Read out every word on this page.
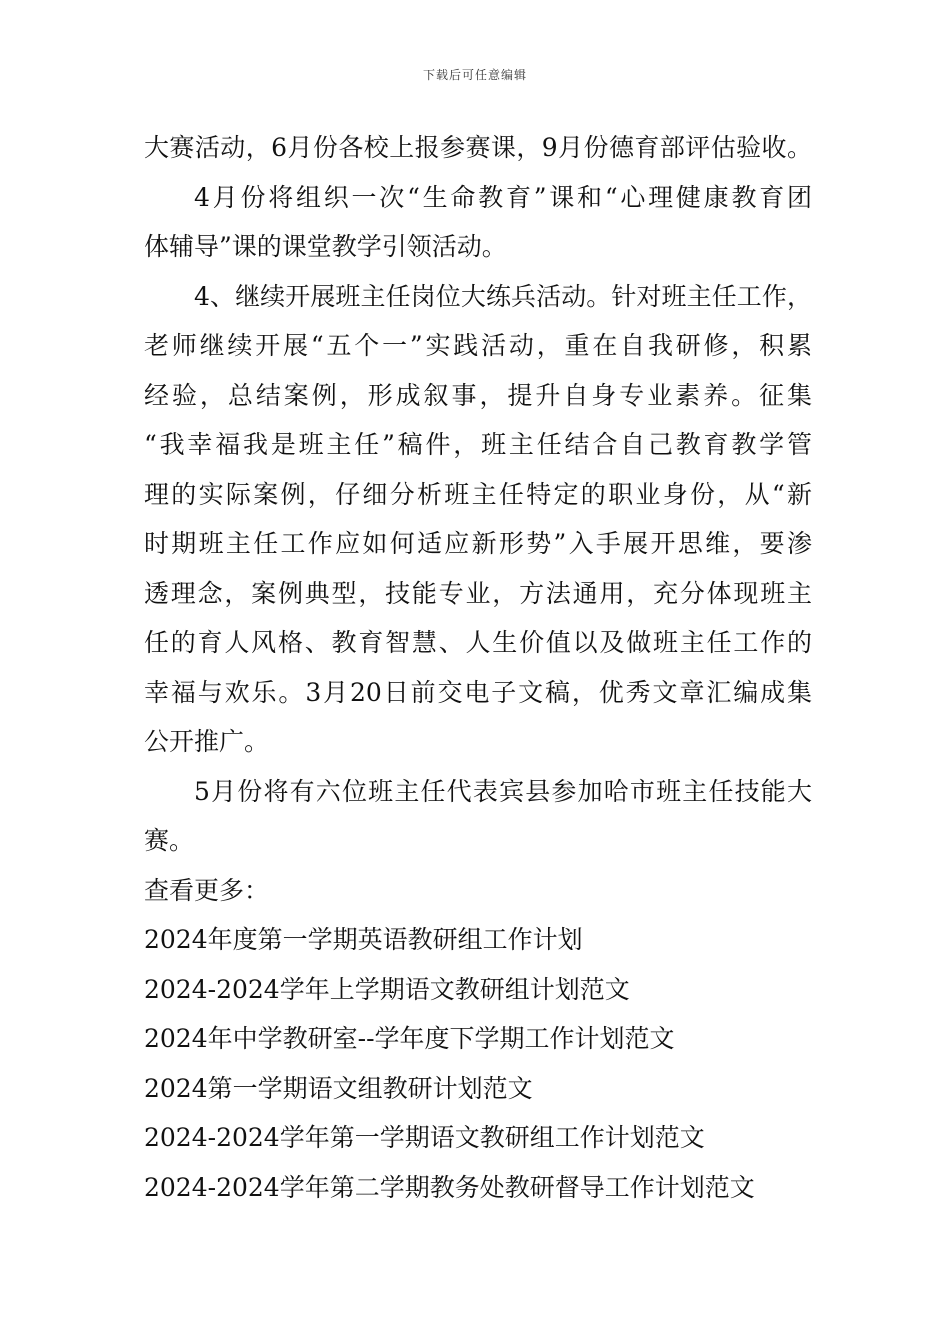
下载后可任意编辑
大赛活动，6月份各校上报参赛课，9月份德育部评估验收。
4月份将组织一次“生命教育”课和“心理健康教育团
体辅导”课的课堂教学引领活动。
4、继续开展班主任岗位大练兵活动。针对班主任工作，
老师继续开展“五个一”实践活动，重在自我研修，积累
经验，总结案例，形成叙事，提升自身专业素养。征集
“我幸福我是班主任”稿件，班主任结合自己教育教学管
理的实际案例，仔细分析班主任特定的职业身份，从“新
时期班主任工作应如何适应新形势”入手展开思维，要渗
透理念，案例典型，技能专业，方法通用，充分体现班主
任的育人风格、教育智慧、人生价值以及做班主任工作的
幸福与欢乐。3月20日前交电子文稿，优秀文章汇编成集
公开推广。
5月份将有六位班主任代表宾县参加哈市班主任技能大
赛。
查看更多：
2024年度第一学期英语教研组工作计划
2024-2024学年上学期语文教研组计划范文
2024年中学教研室--学年度下学期工作计划范文
2024第一学期语文组教研计划范文
2024-2024学年第一学期语文教研组工作计划范文
2024-2024学年第二学期教务处教研督导工作计划范文
